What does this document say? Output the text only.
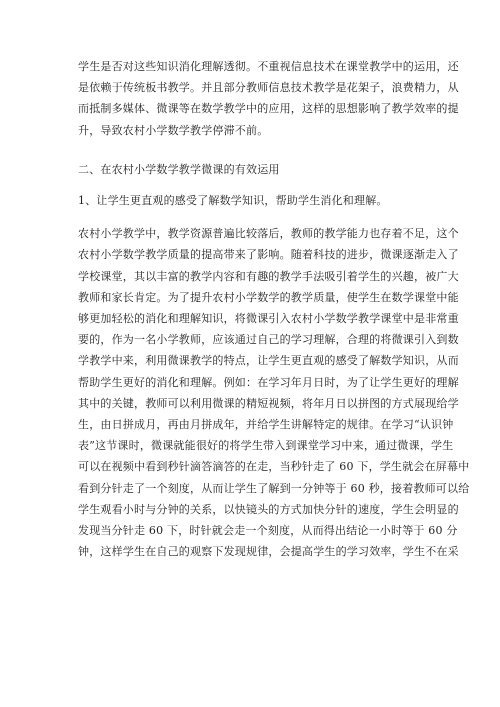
学生是否对这些知识消化理解透彻。不重视信息技术在课堂教学中的运用，还
是依赖于传统板书教学。并且部分教师信息技术教学是花架子，浪费精力，从
而抵制多媒体、微课等在数学教学中的应用，这样的思想影响了教学效率的提
升，导致农村小学数学教学停滞不前。

二、在农村小学数学教学微课的有效运用

1、让学生更直观的感受了解数学知识，帮助学生消化和理解。

农村小学教学中，教学资源普遍比较落后，教师的教学能力也存着不足，这个
农村小学数学教学质量的提高带来了影响。随着科技的进步，微课逐渐走入了
学校课堂，其以丰富的教学内容和有趣的教学手法吸引着学生的兴趣，被广大
教师和家长肯定。为了提升农村小学数学的教学质量，使学生在数学课堂中能
够更加轻松的消化和理解知识，将微课引入农村小学数学教学课堂中是非常重
要的，作为一名小学教师，应该通过自己的学习理解，合理的将微课引入到数
学教学中来，利用微课教学的特点，让学生更直观的感受了解数学知识，从而
帮助学生更好的消化和理解。例如：在学习年月日时，为了让学生更好的理解
其中的关键，教师可以利用微课的精短视频，将年月日以拼图的方式展现给学
生，由日拼成月，再由月拼成年，并给学生讲解特定的规律。在学习“认识钟
表”这节课时，微课就能很好的将学生带入到课堂学习中来，通过微课，学生
可以在视频中看到秒针滴答滴答的在走，当秒针走了 60 下，学生就会在屏幕中
看到分针走了一个刻度，从而让学生了解到一分钟等于 60 秒，接着教师可以给
学生观看小时与分钟的关系，以快镜头的方式加快分针的速度，学生会明显的
发现当分针走 60 下，时针就会走一个刻度，从而得出结论一小时等于 60 分
钟，这样学生在自己的观察下发现规律，会提高学生的学习效率，学生不在采
